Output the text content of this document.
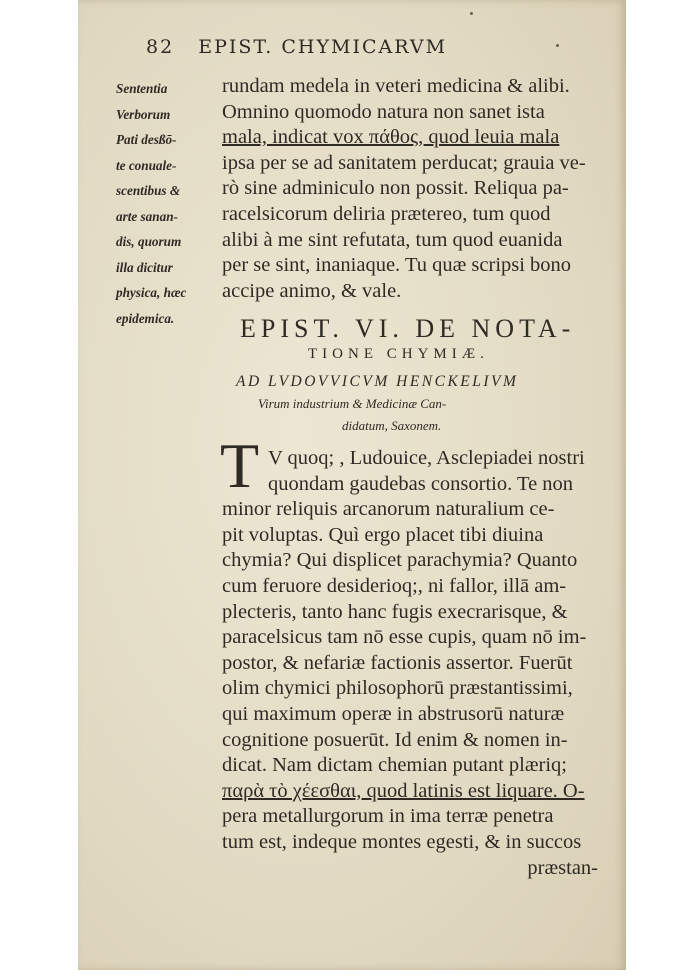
82 EPIST. CHYMICARVM
Sententia
Verborum
Pati desßō-
te conuale-
scentibus &
arte sanan-
dis, quorum
illa dicitur
physica, hæc
epidemica.
rundam medela in veteri medicina & alibi.
Omnino quomodo natura non sanet ista
mala, indicat vox πάθος, quod leuia mala
ipsa per se ad sanitatem perducat; grauia ve-
rò sine adminiculo non possit. Reliqua pa-
racelsicorum deliria prætereo, tum quod
alibi à me sint refutata, tum quod euanida
per se sint, inaniaque. Tu quæ scripsi bono
accipe animo, & vale.
EPIST. VI. DE NOTA-
TIONE CHYMIÆ.
AD LVDOVVICVM HENCKELIVM
Virum industrium & Medicinæ Can-
didatum, Saxonem.
T V quoq; , Ludouice, Asclepiadei nostri
quondam gaudebas consortio. Te non
minor reliquis arcanorum naturalium ce-
pit voluptas. Quì ergo placet tibi diuina
chymia? Qui displicet parachymia? Quanto
cum feruore desiderioq;, ni fallor, illā am-
plecteris, tanto hanc fugis execrarisque, &
paracelsicus tam nō esse cupis, quam nō im-
postor, & nefariæ factionis assertor. Fuerūt
olim chymici philosophorū præstantissimi,
qui maximum operæ in abstrusorū naturæ
cognitione posuerūt. Id enim & nomen in-
dicat. Nam dictam chemian putant plæriq;
παρὰ τὸ χέεσθαι, quod latinis est liquare. O-
pera metallurgorum in ima terræ penetra
tum est, indeque montes egesti, & in succos
præstan-
